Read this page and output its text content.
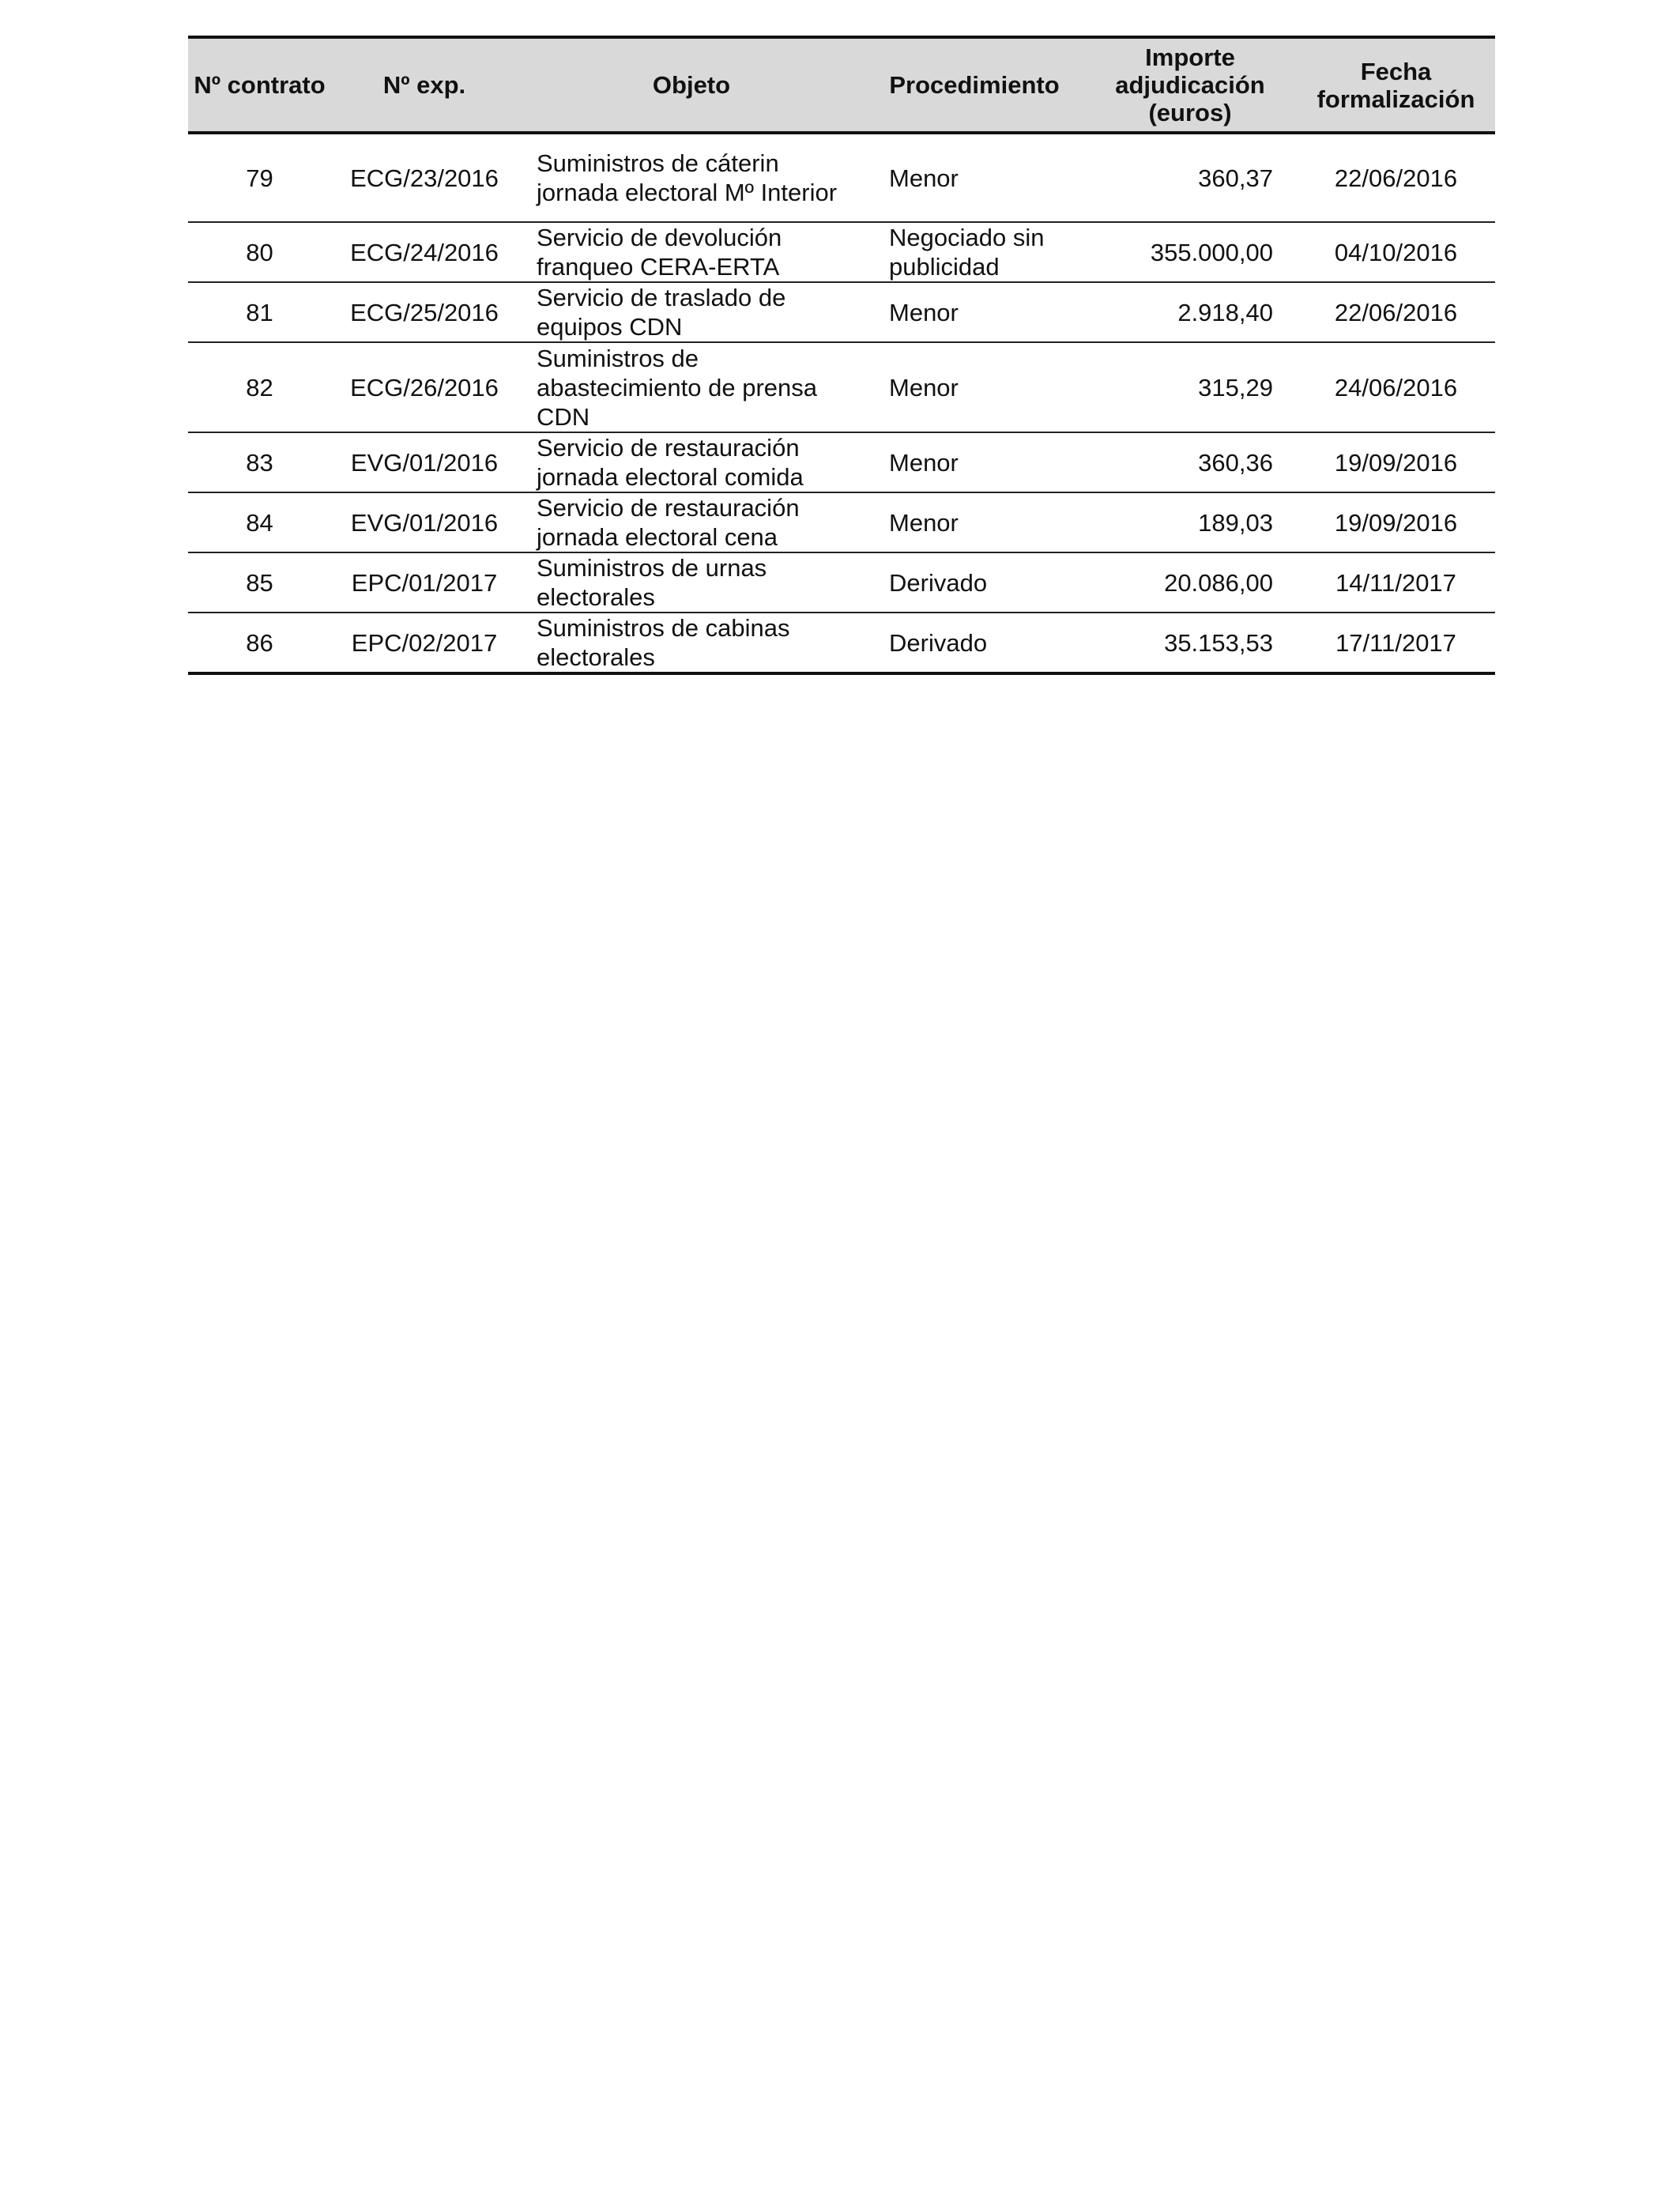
Nº contrato	Nº exp.	Objeto	Procedimiento	Importe adjudicación (euros)	Fecha formalización
79	ECG/23/2016	Suministros de cáterin jornada electoral Mº Interior	Menor	360,37	22/06/2016
80	ECG/24/2016	Servicio de devolución franqueo CERA-ERTA	Negociado sin publicidad	355.000,00	04/10/2016
81	ECG/25/2016	Servicio de traslado de equipos CDN	Menor	2.918,40	22/06/2016
82	ECG/26/2016	Suministros de abastecimiento de prensa CDN	Menor	315,29	24/06/2016
83	EVG/01/2016	Servicio de restauración jornada electoral comida	Menor	360,36	19/09/2016
84	EVG/01/2016	Servicio de restauración jornada electoral cena	Menor	189,03	19/09/2016
85	EPC/01/2017	Suministros de urnas electorales	Derivado	20.086,00	14/11/2017
86	EPC/02/2017	Suministros de cabinas electorales	Derivado	35.153,53	17/11/2017
